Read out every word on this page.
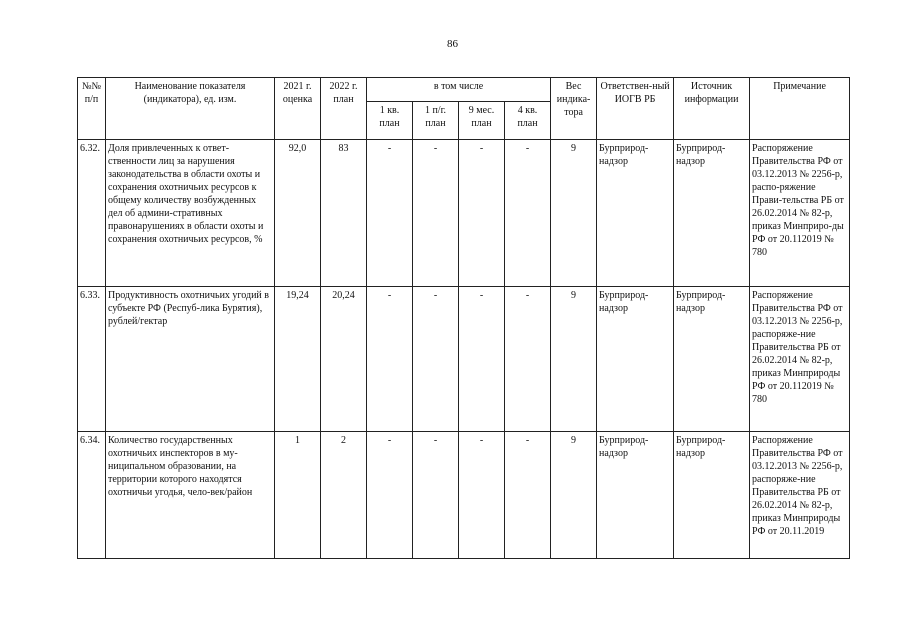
86
№№ п/п	Наименование показателя (индикатора), ед. изм.	2021 г. оценка	2022 г. план	в том числе				Вес индика-тора	Ответствен-ный ИОГВ РБ	Источник информации	Примечание
				1 кв. план	1 п/г. план	9 мес. план	4 кв. план				
6.32.	Доля привлеченных к ответ-ственности лиц за нарушения законодательства в области охоты и сохранения охотничьих ресурсов к общему количеству возбужденных дел об админи-стративных правонарушениях в области охоты и сохранения охотничьих ресурсов, %	92,0	83	-	-	-	-	9	Бурприрод-надзор	Бурприрод-надзор	Распоряжение Правительства РФ от 03.12.2013 № 2256-р, распо-ряжение Прави-тельства РБ от 26.02.2014 № 82-р, приказ Минприро-ды РФ от 20.112019 № 780
6.33.	Продуктивность охотничьих угодий в субъекте РФ (Респуб-лика Бурятия), рублей/гектар	19,24	20,24	-	-	-	-	9	Бурприрод-надзор	Бурприрод-надзор	Распоряжение Правительства РФ от 03.12.2013 № 2256-р, распоряже-ние Правительства РБ от 26.02.2014 № 82-р, приказ Минприроды РФ от 20.112019 № 780
6.34.	Количество государственных охотничьих инспекторов в му-ниципальном образовании, на территории которого находятся охотничьи угодья, чело-век/район	1	2	-	-	-	-	9	Бурприрод-надзор	Бурприрод-надзор	Распоряжение Правительства РФ от 03.12.2013 № 2256-р, распоряже-ние Правительства РБ от 26.02.2014 № 82-р, приказ Минприроды РФ от 20.11.2019
